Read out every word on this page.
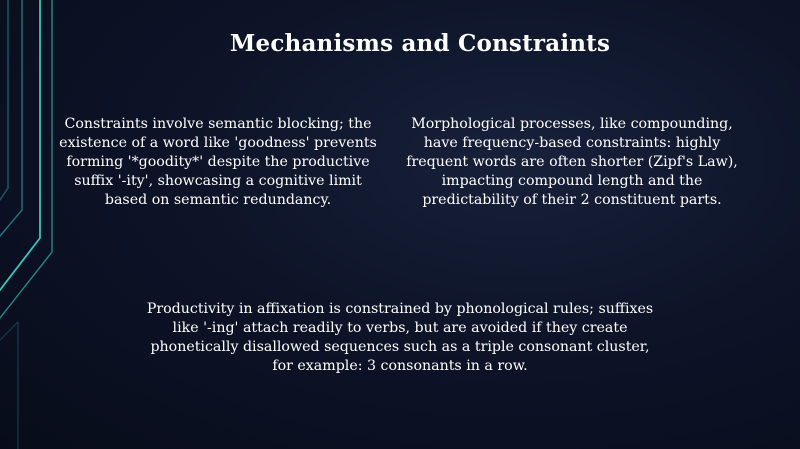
Mechanisms and Constraints

Constraints involve semantic blocking; the existence of a word like 'goodness' prevents forming '*goodity*' despite the productive suffix '-ity', showcasing a cognitive limit based on semantic redundancy.

Morphological processes, like compounding, have frequency-based constraints: highly frequent words are often shorter (Zipf's Law), impacting compound length and the predictability of their 2 constituent parts.

Productivity in affixation is constrained by phonological rules; suffixes like '-ing' attach readily to verbs, but are avoided if they create phonetically disallowed sequences such as a triple consonant cluster, for example: 3 consonants in a row.
